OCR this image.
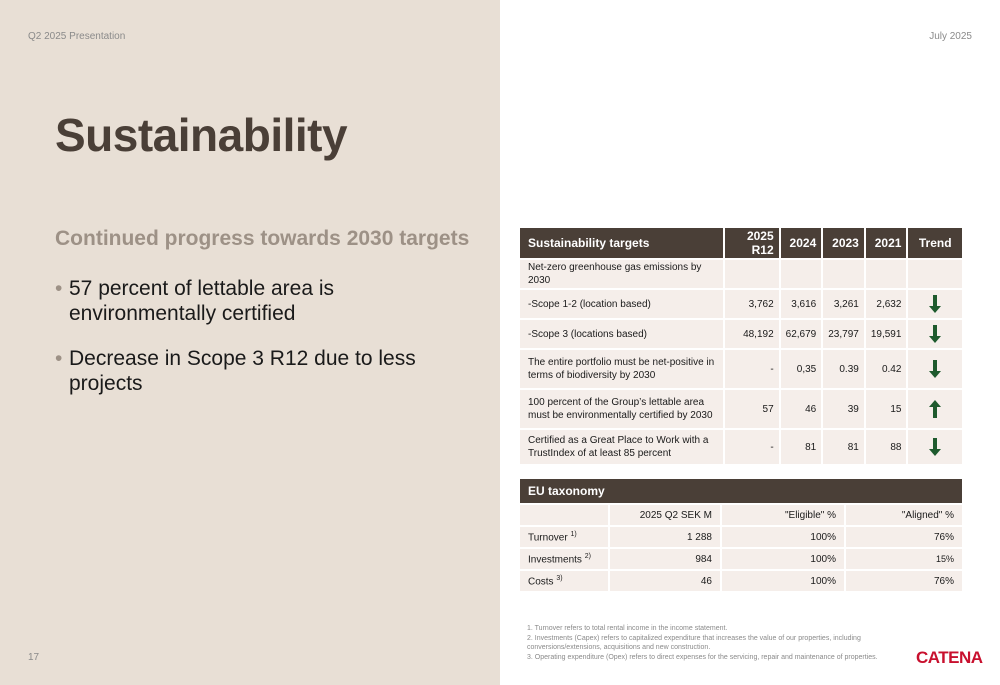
Q2 2025 Presentation	July 2025
17
Sustainability
Continued progress towards 2030 targets
• 57 percent of lettable area is environmentally certified
• Decrease in Scope 3 R12 due to less projects
Sustainability targets	2025 R12	2024	2023	2021	Trend
Net-zero greenhouse gas emissions by 2030					
-Scope 1-2 (location based)	3,762	3,616	3,261	2,632	

-Scope 3 (locations based)	48,192	62,679	23,797	19,591	

The entire portfolio must be net-positive in terms of biodiversity by 2030	-	0,35	0.39	0.42	

100 percent of the Group’s lettable area must be environmentally certified by 2030	57	46	39	15	

Certified as a Great Place to Work with a TrustIndex of at least 85 percent	-	81	81	88	
EU taxonomy			
	2025 Q2 SEK M	"Eligible" %	"Aligned" %
Turnover $^{1)}$	1 288	100%	76%
Investments $^{2)}$	984	100%	15%
Costs $^{3)}$	46	100%	76%
1. Turnover refers to total rental income in the income statement.
2. Investments (Capex) refers to capitalized expenditure that increases the value of our properties, including conversions/extensions, acquisitions and new construction.
3. Operating expenditure (Opex) refers to direct expenses for the servicing, repair and maintenance of properties.	CATENA
